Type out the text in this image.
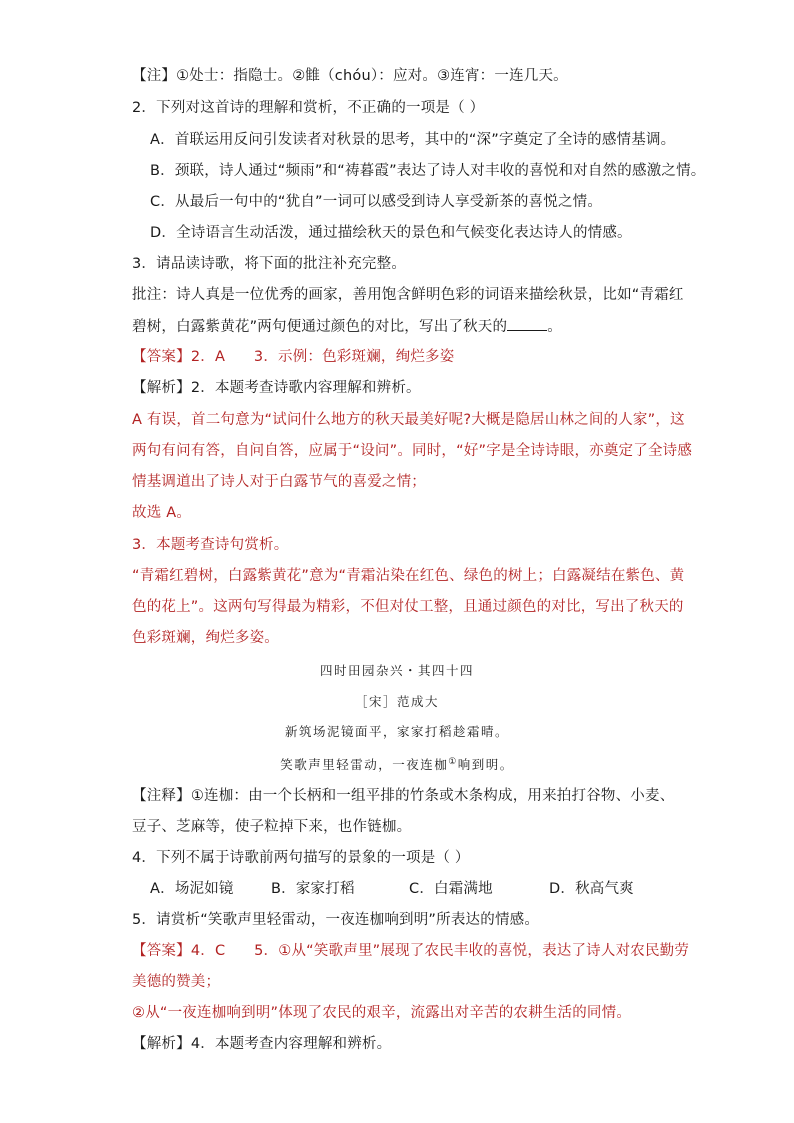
【注】①处士：指隐士。②雔（chóu）：应对。③连宵：一连几天。
2．下列对这首诗的理解和赏析，不正确的一项是（ ）
A．首联运用反问引发读者对秋景的思考，其中的“深”字奠定了全诗的感情基调。
B．颈联，诗人通过“频雨”和“祷暮霞”表达了诗人对丰收的喜悦和对自然的感激之情。
C．从最后一句中的“犹自”一词可以感受到诗人享受新茶的喜悦之情。
D．全诗语言生动活泼，通过描绘秋天的景色和气候变化表达诗人的情感。
3．请品读诗歌，将下面的批注补充完整。
批注：诗人真是一位优秀的画家，善用饱含鲜明色彩的词语来描绘秋景，比如“青霜红
碧树，白露紫黄花”两句便通过颜色的对比，写出了秋天的	。
【答案】2．A      3．示例：色彩斑斓，绚烂多姿
【解析】2．本题考查诗歌内容理解和辨析。
A 有误，首二句意为“试问什么地方的秋天最美好呢?大概是隐居山林之间的人家”，这
两句有问有答，自问自答，应属于“设问”。同时，“好”字是全诗诗眼，亦奠定了全诗感
情基调道出了诗人对于白露节气的喜爱之情；
故选 A。
3．本题考查诗句赏析。
“青霜红碧树，白露紫黄花”意为“青霜沾染在红色、绿色的树上；白露凝结在紫色、黄
色的花上”。这两句写得最为精彩，不但对仗工整，且通过颜色的对比，写出了秋天的
色彩斑斓，绚烂多姿。
四时田园杂兴・其四十四
［宋］范成大
新筑场泥镜面平，家家打稻趁霜晴。
笑歌声里轻雷动，一夜连枷①响到明。
【注释】①连枷：由一个长柄和一组平排的竹条或木条构成，用来拍打谷物、小麦、
豆子、芝麻等，使子粒掉下来，也作链枷。
4．下列不属于诗歌前两句描写的景象的一项是（ ）
A．场泥如镜	B．家家打稻	C．白霜满地	D．秋高气爽
5．请赏析“笑歌声里轻雷动，一夜连枷响到明”所表达的情感。
【答案】4．C      5．①从“笑歌声里”展现了农民丰收的喜悦，表达了诗人对农民勤劳
美德的赞美；
②从“一夜连枷响到明”体现了农民的艰辛，流露出对辛苦的农耕生活的同情。
【解析】4．本题考查内容理解和辨析。
